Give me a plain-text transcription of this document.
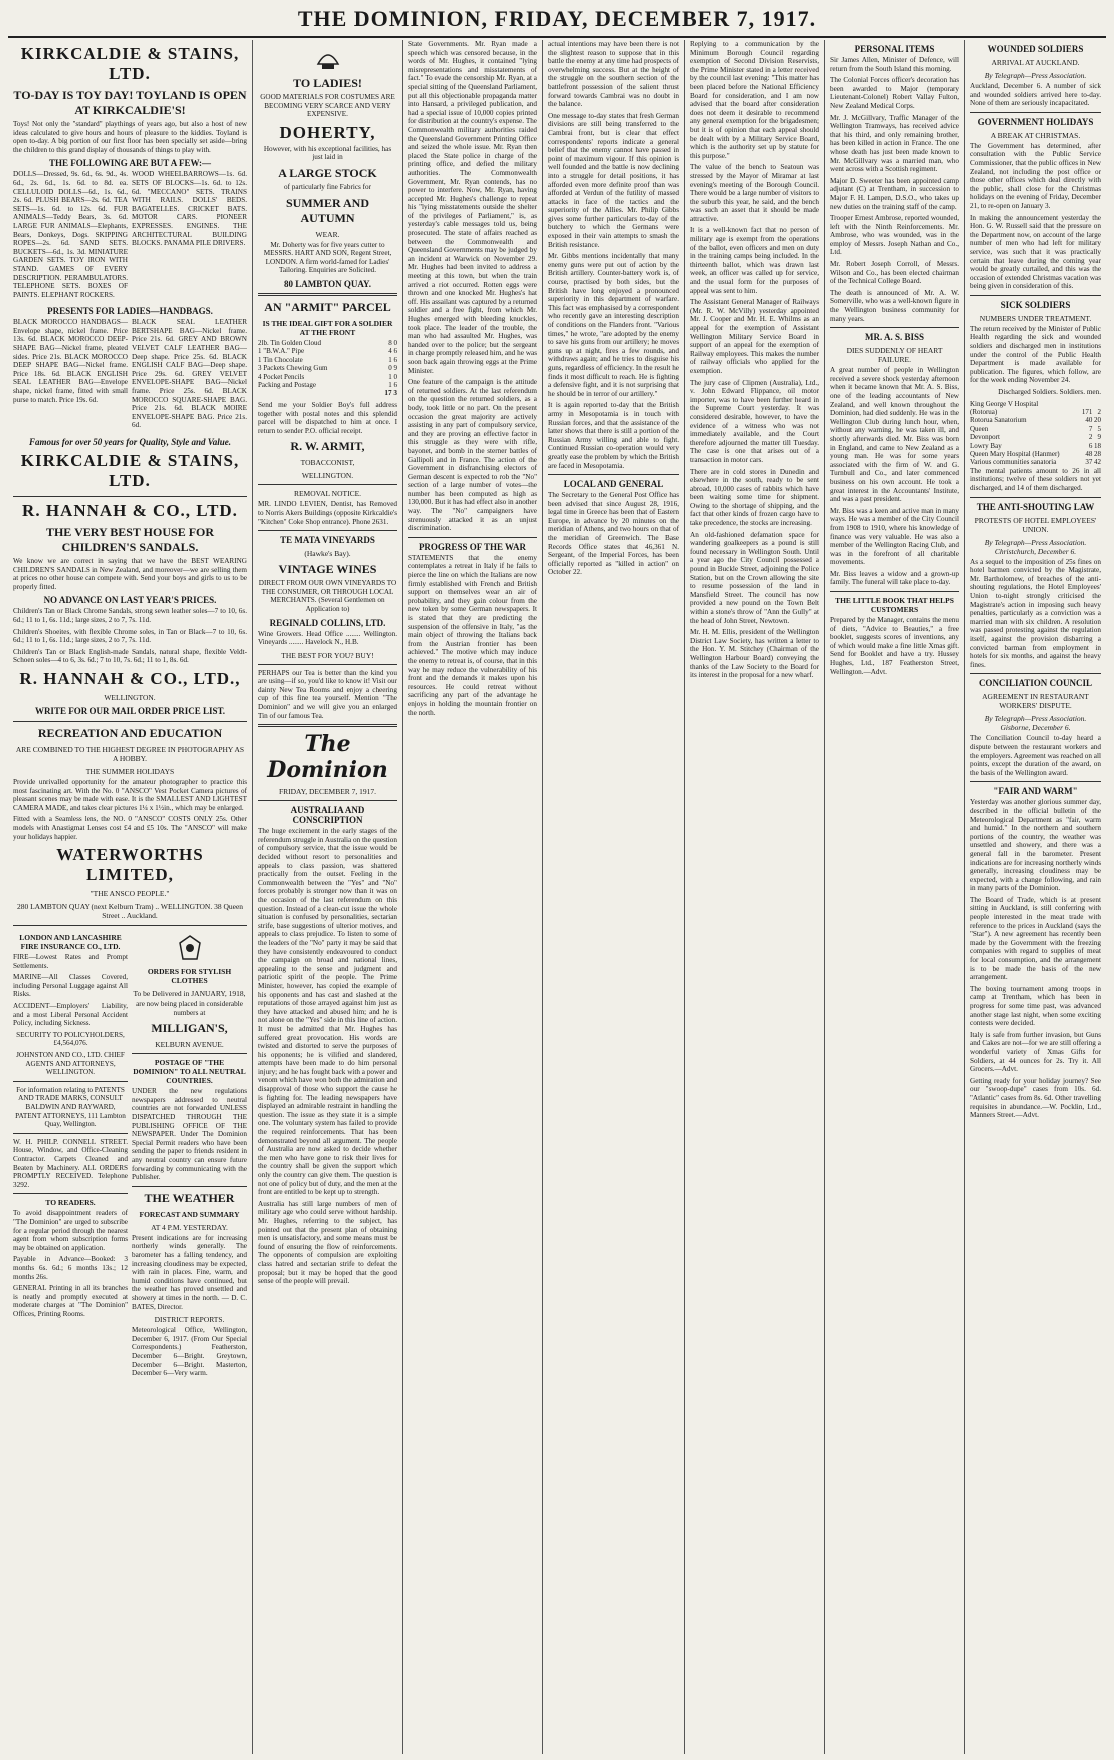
THE DOMINION, FRIDAY, DECEMBER 7, 1917.
KIRKCALDIE & STAINS, LTD.
TO-DAY IS TOY DAY! TOYLAND IS OPEN AT KIRKCALDIE'S!

Toys! Not only the "standard" playthings of years ago, but also a host of new ideas calculated to give hours and hours of pleasure to the kiddies. Toyland is open to-day. A big portion of our first floor has been specially set aside—bring the children to this grand display of thousands of things to play with.

THE FOLLOWING ARE BUT A FEW:—

DOLLS—Dressed, 9s. 6d., 6s. 9d., 4s. 6d., 2s. 6d., 1s. 6d. to 8d. ea. CELLULOID DOLLS—6d., 1s. 6d., 2s. 6d. PLUSH BEARS—2s. 6d. TEA SETS—1s. 6d. to 12s. 6d. FUR ANIMALS—Teddy Bears, 3s. 6d. LARGE FUR ANIMALS—Elephants, Bears, Donkeys, Dogs. SKIPPING ROPES—2s. 6d. SAND SETS. BUCKETS—6d., 1s. 3d. MINIATURE GARDEN SETS. TOY IRON WITH STAND. GAMES OF EVERY DESCRIPTION. PERAMBULATORS. TELEPHONE SETS. BOXES OF PAINTS. ELEPHANT ROCKERS.

WOOD WHEELBARROWS—1s. 6d. SETS OF BLOCKS—1s. 6d. to 12s. 6d. "MECCANO" SETS. TRAINS WITH RAILS. DOLLS' BEDS. BAGATELLES. CRICKET BATS. MOTOR CARS. PIONEER EXPRESSES. ENGINES. THE ARCHITECTURAL BUILDING BLOCKS. PANAMA PILE DRIVERS.

PRESENTS FOR LADIES—HANDBAGS.

BLACK MOROCCO HANDBAGS—Envelope shape, nickel frame. Price 13s. 6d. BLACK MOROCCO DEEP-SHAPE BAG—Nickel frame, pleated sides. Price 21s. BLACK MOROCCO DEEP SHAPE BAG—Nickel frame. Price 18s. 6d. BLACK ENGLISH SEAL LEATHER BAG—Envelope shape, nickel frame, fitted with small purse to match. Price 19s. 6d.

BLACK SEAL LEATHER BERTSHAPE BAG—Nickel frame. Price 21s. 6d. GREY AND BROWN VELVET CALF LEATHER BAG—Deep shape. Price 25s. 6d. BLACK ENGLISH CALF BAG—Deep shape. Price 29s. 6d. GREY VELVET ENVELOPE-SHAPE BAG—Nickel frame. Price 25s. 6d. BLACK MOROCCO SQUARE-SHAPE BAG. Price 21s. 6d. BLACK MOIRE ENVELOPE-SHAPE BAG. Price 21s. 6d.

Famous for over 50 years for Quality, Style and Value.
KIRKCALDIE & STAINS, LTD.
R. HANNAH & CO., LTD.
THE VERY BEST HOUSE FOR CHILDREN'S SANDALS.

We know we are correct in saying that we have the BEST WEARING CHILDREN'S SANDALS in New Zealand, and moreover—we are selling them at prices no other house can compete with. Send your boys and girls to us to be properly fitted.

NO ADVANCE ON LAST YEAR'S PRICES.

Children's Tan or Black Chrome Sandals, strong sewn leather soles—7 to 10, 6s. 6d.; 11 to 1, 6s. 11d.; large sizes, 2 to 7, 7s. 11d.

Children's Shoeites, with flexible Chrome soles, in Tan or Black—7 to 10, 6s. 6d.; 11 to 1, 6s. 11d.; large sizes, 2 to 7, 7s. 11d.

Children's Tan or Black English-made Sandals, natural shape, flexible Veldt-Schoen soles—4 to 6, 3s. 6d.; 7 to 10, 7s. 6d.; 11 to 1, 8s. 6d.

R. HANNAH & CO., LTD.,
WELLINGTON.
WRITE FOR OUR MAIL ORDER PRICE LIST.
RECREATION AND EDUCATION
ARE COMBINED TO THE HIGHEST DEGREE IN PHOTOGRAPHY AS A HOBBY.
THE SUMMER HOLIDAYS

Provide unrivalled opportunity for the amateur photographer to practice this most fascinating art. With the No. 0 "ANSCO" Vest Pocket Camera pictures of pleasant scenes may be made with ease. It is the SMALLEST AND LIGHTEST CAMERA MADE, and takes clear pictures 1¼ x 1½in., which may be enlarged.

Fitted with a Seamless lens, the NO. 0 "ANSCO" COSTS ONLY 25s. Other models with Anastigmat Lenses cost £4 and £5 10s. The "ANSCO" will make your holidays happier.

WATERWORTHS LIMITED,
"THE ANSCO PEOPLE."
280 LAMBTON QUAY (next Kelburn Tram) .. WELLINGTON. 38 Queen Street .. Auckland.
LONDON AND LANCASHIRE FIRE INSURANCE CO., LTD.

FIRE—Lowest Rates and Prompt Settlements.

MARINE—All Classes Covered, including Personal Luggage against All Risks.

ACCIDENT—Employers' Liability, and a most Liberal Personal Accident Policy, including Sickness.

SECURITY TO POLICYHOLDERS, £4,564,076.

JOHNSTON AND CO., LTD. CHIEF AGENTS AND ATTORNEYS, WELLINGTON.

For information relating to PATENTS AND TRADE MARKS, CONSULT BALDWIN AND RAYWARD, PATENT ATTORNEYS, 111 Lambton Quay, Wellington.

W. H. PHILP. CONNELL STREET. House, Window, and Office-Cleaning Contractor. Carpets Cleaned and Beaten by Machinery. ALL ORDERS PROMPTLY RECEIVED. Telephone 3292.

TO READERS.

To avoid disappointment readers of "The Dominion" are urged to subscribe for a regular period through the nearest agent from whom subscription forms may be obtained on application.

Payable in Advance—Booked: 3 months 6s. 6d.; 6 months 13s.; 12 months 26s.

GENERAL Printing in all its branches is neatly and promptly executed at moderate charges at "The Dominion" Offices, Printing Rooms.

ORDERS FOR STYLISH CLOTHES
To be Delivered in JANUARY, 1918,

are now being placed in considerable numbers at

MILLIGAN'S,
KELBURN AVENUE.
POSTAGE OF "THE DOMINION" TO ALL NEUTRAL COUNTRIES.

UNDER the new regulations newspapers addressed to neutral countries are not forwarded UNLESS DISPATCHED THROUGH THE PUBLISHING OFFICE OF THE NEWSPAPER. Under The Dominion Special Permit readers who have been sending the paper to friends resident in any neutral country can ensure future forwarding by communicating with the Publisher.

THE WEATHER
FORECAST AND SUMMARY
AT 4 P.M. YESTERDAY.

Present indications are for increasing northerly winds generally. The barometer has a falling tendency, and increasing cloudiness may be expected, with rain in places. Fine, warm, and humid conditions have continued, but the weather has proved unsettled and showery at times in the north. — D. C. BATES, Director.

DISTRICT REPORTS.

Meteorological Office, Wellington, December 6, 1917. (From Our Special Correspondents.) Featherston, December 6—Bright. Greytown, December 6—Bright. Masterton, December 6—Very warm.

TO LADIES!

GOOD MATERIALS FOR COSTUMES ARE BECOMING VERY SCARCE AND VERY EXPENSIVE.

DOHERTY,

However, with his exceptional facilities, has just laid in

A LARGE STOCK

of particularly fine Fabrics for

SUMMER AND AUTUMN
WEAR.

Mr. Doherty was for five years cutter to MESSRS. HART AND SON, Regent Street, LONDON. A firm world-famed for Ladies' Tailoring. Enquiries are Solicited.

80 LAMBTON QUAY.
AN "ARMIT" PARCEL
IS THE IDEAL GIFT FOR A SOLDIER AT THE FRONT
2lb. Tin Golden Cloud	8 0
1 "B.W.A." Pipe	4 6
1 Tin Chocolate	1 6
3 Packets Chewing Gum	0 9
4 Pocket Pencils	1 0
Packing and Postage	1 6

17 3

Send me your Soldier Boy's full address together with postal notes and this splendid parcel will be dispatched to him at once. I return to sender P.O. official receipt.

R. W. ARMIT,
TOBACCONIST,
WELLINGTON.
REMOVAL NOTICE.

MR. LINDO LEVIEN, Dentist, has Removed to Norris Akers Buildings (opposite Kirkcaldie's "Kitchen" Coke Shop entrance). Phone 2631.

TE MATA VINEYARDS
(Hawke's Bay).
VINTAGE WINES

DIRECT FROM OUR OWN VINEYARDS TO THE CONSUMER, OR THROUGH LOCAL MERCHANTS. (Several Gentlemen on Application to)

REGINALD COLLINS, LTD.

Wine Growers. Head Office ........ Wellington. Vineyards ........ Havelock N., H.B.

THE BEST FOR YOU? BUY!

PERHAPS our Tea is better than the kind you are using—if so, you'd like to know it! Visit our dainty New Tea Rooms and enjoy a cheering cup of this fine tea yourself. Mention "The Dominion" and we will give you an enlarged Tin of our famous Tea.

The Dominion
FRIDAY, DECEMBER 7, 1917.
AUSTRALIA AND CONSCRIPTION

The huge excitement in the early stages of the referendum struggle in Australia on the question of compulsory service, that the issue would be decided without resort to personalities and appeals to class passion, was shattered practically from the outset. Feeling in the Commonwealth between the "Yes" and "No" forces probably is stronger now than it was on the occasion of the last referendum on this question. Instead of a clean-cut issue the whole situation is confused by personalities, sectarian strife, base suggestions of ulterior motives, and appeals to class prejudice. To listen to some of the leaders of the "No" party it may be said that they have consistently endeavoured to conduct the campaign on broad and national lines, appealing to the sense and judgment and patriotic spirit of the people. The Prime Minister, however, has copied the example of his opponents and has cast and slashed at the reputations of those arrayed against him just as they have attacked and abused him; and he is not alone on the "Yes" side in this line of action. It must be admitted that Mr. Hughes has suffered great provocation. His words are twisted and distorted to serve the purposes of his opponents; he is vilified and slandered, attempts have been made to do him personal injury; and he has fought back with a power and venom which have won both the admiration and disapproval of those who support the cause he is fighting for. The leading newspapers have displayed an admirable restraint in handling the question. The issue as they state it is a simple one. The voluntary system has failed to provide the required reinforcements. That has been demonstrated beyond all argument. The people of Australia are now asked to decide whether the men who have gone to risk their lives for the country shall be given the support which only the country can give them. The question is not one of policy but of duty, and the men at the front are entitled to be kept up to strength.

Australia has still large numbers of men of military age who could serve without hardship. Mr. Hughes, referring to the subject, has pointed out that the present plan of obtaining men is unsatisfactory, and some means must be found of ensuring the flow of reinforcements. The opponents of compulsion are exploiting class hatred and sectarian strife to defeat the proposal; but it may be hoped that the good sense of the people will prevail.

State Governments. Mr. Ryan made a speech which was censored because, in the words of Mr. Hughes, it contained "lying misrepresentations and misstatements of fact." To evade the censorship Mr. Ryan, at a special sitting of the Queensland Parliament, put all this objectionable propaganda matter into Hansard, a privileged publication, and had a special issue of 10,000 copies printed for distribution at the country's expense. The Commonwealth military authorities raided the Queensland Government Printing Office and seized the whole issue. Mr. Ryan then placed the State police in charge of the printing office, and defied the military authorities. The Commonwealth Government, Mr. Ryan contends, has no power to interfere. Now, Mr. Ryan, having accepted Mr. Hughes's challenge to repeat his "lying misstatements outside the shelter of the privileges of Parliament," is, as yesterday's cable messages told us, being prosecuted. The state of affairs reached as between the Commonwealth and Queensland Governments may be judged by an incident at Warwick on November 29. Mr. Hughes had been invited to address a meeting at this town, but when the train arrived a riot occurred. Rotten eggs were thrown and one knocked Mr. Hughes's hat off. His assailant was captured by a returned soldier and a free fight, from which Mr. Hughes emerged with bleeding knuckles, took place. The leader of the trouble, the man who had assaulted Mr. Hughes, was handed over to the police; but the sergeant in charge promptly released him, and he was soon back again throwing eggs at the Prime Minister.

One feature of the campaign is the attitude of returned soldiers. At the last referendum on the question the returned soldiers, as a body, took little or no part. On the present occasion the great majority are actively assisting in any part of compulsory service, and they are proving an effective factor in this struggle as they were with rifle, bayonet, and bomb in the sterner battles of Gallipoli and in France. The action of the Government in disfranchising electors of German descent is expected to rob the "No" section of a large number of votes—the number has been computed as high as 130,000. But it has had effect also in another way. The "No" campaigners have strenuously attacked it as an unjust discrimination.

PROGRESS OF THE WAR

STATEMENTS that the enemy contemplates a retreat in Italy if he fails to pierce the line on which the Italians are now firmly established with French and British support on themselves wear an air of probability, and they gain colour from the new token by some German newspapers. It is stated that they are predicting the suspension of the offensive in Italy, "as the main object of throwing the Italians back from the Austrian frontier has been achieved." The motive which may induce the enemy to retreat is, of course, that in this way he may reduce the vulnerability of his front and the demands it makes upon his resources. He could retreat without sacrificing any part of the advantage he enjoys in holding the mountain frontier on the north.

actual intentions may have been there is not the slightest reason to suppose that in this battle the enemy at any time had prospects of overwhelming success. But at the height of the struggle on the southern section of the battlefront possession of the salient thrust forward towards Cambrai was no doubt in the balance.

One message to-day states that fresh German divisions are still being transferred to the Cambrai front, but is clear that effect correspondents' reports indicate a general belief that the enemy cannot have passed in point of maximum vigour. If this opinion is well founded and the battle is now declining into a struggle for detail positions, it has afforded even more definite proof than was afforded at Verdun of the futility of massed attacks in face of the tactics and the superiority of the Allies. Mr. Philip Gibbs gives some further particulars to-day of the butchery to which the Germans were exposed in their vain attempts to smash the British resistance.

Mr. Gibbs mentions incidentally that many enemy guns were put out of action by the British artillery. Counter-battery work is, of course, practised by both sides, but the British have long enjoyed a pronounced superiority in this department of warfare. This fact was emphasised by a correspondent who recently gave an interesting description of conditions on the Flanders front. "Various times," he wrote, "are adopted by the enemy to save his guns from our artillery; he moves guns up at night, fires a few rounds, and withdraws again; and he tries to disguise his guns, regardless of efficiency. In the result he finds it most difficult to reach. He is fighting a defensive fight, and it is not surprising that he should be in terror of our artillery."

It is again reported to-day that the British army in Mesopotamia is in touch with Russian forces, and that the assistance of the latter shows that there is still a portion of the Russian Army willing and able to fight. Continued Russian co-operation would very greatly ease the problem by which the British are faced in Mesopotamia.

LOCAL AND GENERAL

The Secretary to the General Post Office has been advised that since August 28, 1916, legal time in Greece has been that of Eastern Europe, in advance by 20 minutes on the meridian of Athens, and two hours on that of the meridian of Greenwich. The Base Records Office states that 46,361 N. Sergeant, of the Imperial Forces, has been officially reported as "killed in action" on October 22.

Replying to a communication by the Minimum Borough Council regarding exemption of Second Division Reservists, the Prime Minister stated in a letter received by the council last evening: "This matter has been placed before the National Efficiency Board for consideration, and I am now advised that the board after consideration does not deem it desirable to recommend any general exemption for the brigadesmen; but it is of opinion that each appeal should be dealt with by a Military Service Board, which is the authority set up by statute for this purpose."

The value of the bench to Seatoun was stressed by the Mayor of Miramar at last evening's meeting of the Borough Council. There would be a large number of visitors to the suburb this year, he said, and the bench was such an asset that it should be made attractive.

It is a well-known fact that no person of military age is exempt from the operations of the ballot, even officers and men on duty in the training camps being included. In the thirteenth ballot, which was drawn last week, an officer was called up for service, and the usual form for the purposes of appeal was sent to him.

The Assistant General Manager of Railways (Mr. R. W. McVilly) yesterday appointed Mr. J. Cooper and Mr. H. E. Whilms as an appeal for the exemption of Assistant Wellington Military Service Board in support of an appeal for the exemption of Railway employees. This makes the number of railway officials who applied for the exemption.

The jury case of Clipmen (Australia), Ltd., v. John Edward Flippance, oil motor importer, was to have been further heard in the Supreme Court yesterday. It was considered desirable, however, to have the evidence of a witness who was not immediately available, and the Court therefore adjourned the matter till Tuesday. The case is one that arises out of a transaction in motor cars.

There are in cold stores in Dunedin and elsewhere in the south, ready to be sent abroad, 10,000 cases of rabbits which have been waiting some time for shipment. Owing to the shortage of shipping, and the fact that other kinds of frozen cargo have to take precedence, the stocks are increasing.

An old-fashioned defamation space for wandering goalkeepers as a pound is still found necessary in Wellington South. Until a year ago the City Council possessed a pound in Buckle Street, adjoining the Police Station, but on the Crown allowing the site to resume possession of the land in Mansfield Street. The council has now provided a new pound on the Town Belt within a stone's throw of "Ann the Gully" at the head of John Street, Newtown.

Mr. H. M. Ellis, president of the Wellington District Law Society, has written a letter to the Hon. Y. M. Stitchey (Chairman of the Wellington Harbour Board) conveying the thanks of the Law Society to the Board for its interest in the proposal for a new wharf.

PERSONAL ITEMS

Sir James Allen, Minister of Defence, will return from the South Island this morning.

The Colonial Forces officer's decoration has been awarded to Major (temporary Lieutenant-Colonel) Robert Vallay Fulton, New Zealand Medical Corps.

Mr. J. McGillvary, Traffic Manager of the Wellington Tramways, has received advice that his third, and only remaining brother, has been killed in action in France. The one whose death has just been made known to Mr. McGillvary was a married man, who went across with a Scottish regiment.

Major D. Sweeter has been appointed camp adjutant (C) at Trentham, in succession to Major F. H. Lampen, D.S.O., who takes up new duties on the training staff of the camp.

Trooper Ernest Ambrose, reported wounded, left with the Ninth Reinforcements. Mr. Ambrose, who was wounded, was in the employ of Messrs. Joseph Nathan and Co., Ltd.

Mr. Robert Joseph Corroll, of Messrs. Wilson and Co., has been elected chairman of the Technical College Board.

The death is announced of Mr. A. W. Somerville, who was a well-known figure in the Wellington business community for many years.

MR. A. S. BISS
DIES SUDDENLY OF HEART FAILURE.

A great number of people in Wellington received a severe shock yesterday afternoon when it became known that Mr. A. S. Biss, one of the leading accountants of New Zealand, and well known throughout the Dominion, had died suddenly. He was in the Wellington Club during lunch hour, when, without any warning, he was taken ill, and shortly afterwards died. Mr. Biss was born in England, and came to New Zealand as a young man. He was for some years associated with the firm of W. and G. Turnbull and Co., and later commenced business on his own account. He took a great interest in the Accountants' Institute, and was a past president.

Mr. Biss was a keen and active man in many ways. He was a member of the City Council from 1908 to 1910, where his knowledge of finance was very valuable. He was also a member of the Wellington Racing Club, and was in the forefront of all charitable movements.

Mr. Biss leaves a widow and a grown-up family. The funeral will take place to-day.

THE LITTLE BOOK THAT HELPS CUSTOMERS

Prepared by the Manager, contains the menu of diets, "Advice to Beauties," a free booklet, suggests scores of inventions, any of which would make a fine little Xmas gift. Send for Booklet and have a try. Hussey Hughes, Ltd., 187 Featherston Street, Wellington.—Advt.

WOUNDED SOLDIERS
ARRIVAL AT AUCKLAND.
By Telegraph—Press Association.

Auckland, December 6. A number of sick and wounded soldiers arrived here to-day. None of them are seriously incapacitated.

GOVERNMENT HOLIDAYS
A BREAK AT CHRISTMAS.

The Government has determined, after consultation with the Public Service Commissioner, that the public offices in New Zealand, not including the post office or those other offices which deal directly with the public, shall close for the Christmas holidays on the evening of Friday, December 21, to re-open on January 3.

In making the announcement yesterday the Hon. G. W. Russell said that the pressure on the Department now, on account of the large number of men who had left for military service, was such that it was practically certain that leave during the coming year would be greatly curtailed, and this was the occasion of extended Christmas vacation was being given in consideration of this.

SICK SOLDIERS
NUMBERS UNDER TREATMENT.

The return received by the Minister of Public Health regarding the sick and wounded soldiers and discharged men in institutions under the control of the Public Health Department is made available for publication. The figures, which follow, are for the week ending November 24.

Discharged Soldiers. Soldiers. men.

King George V Hospital		
(Rotorua)	171	2
Rotorua Sanatorium	40	20
Queen	7	5
Devonport	2	9
Lowry Bay	6	18
Queen Mary Hospital (Hanmer)	48	28
Various communities sanatoria	37	42

The mental patients amount to 26 in all institutions; twelve of these soldiers not yet discharged, and 14 of them discharged.

THE ANTI-SHOUTING LAW
PROTESTS OF HOTEL EMPLOYEES' UNION.
By Telegraph—Press Association. Christchurch, December 6.

As a sequel to the imposition of 25s fines on hotel barmen convicted by the Magistrate, Mr. Bartholomew, of breaches of the anti-shouting regulations, the Hotel Employees' Union to-night strongly criticised the Magistrate's action in imposing such heavy penalties, particularly as a conviction was a married man with six children. A resolution was passed protesting against the regulation itself, against the provision disbarring a convicted barman from employment in hotels for six months, and against the heavy fines.

CONCILIATION COUNCIL
AGREEMENT IN RESTAURANT WORKERS' DISPUTE.
By Telegraph—Press Association. Gisborne, December 6.

The Conciliation Council to-day heard a dispute between the restaurant workers and the employers. Agreement was reached on all points, except the duration of the award, on the basis of the Wellington award.

"FAIR AND WARM"

Yesterday was another glorious summer day, described in the official bulletin of the Meteorological Department as "fair, warm and humid." In the northern and southern portions of the country, the weather was unsettled and showery, and there was a general fall in the barometer. Present indications are for increasing northerly winds generally, increasing cloudiness may be expected, with a change following, and rain in many parts of the Dominion.

The Board of Trade, which is at present sitting in Auckland, is still conferring with people interested in the meat trade with reference to the prices in Auckland (says the "Star"). A new agreement has recently been made by the Government with the freezing companies with regard to supplies of meat for local consumption, and the arrangement is to be made the basis of the new arrangement.

The boxing tournament among troops in camp at Trentham, which has been in progress for some time past, was advanced another stage last night, when some exciting contests were decided.

Italy is safe from further invasion, but Guns and Cakes are not—for we are still offering a wonderful variety of Xmas Gifts for Soldiers, at 44 ounces for 2s. Try it. All Grocers.—Advt.

Getting ready for your holiday journey? See our "swoop-dupe" cases from 10s. 6d. "Atlantic" cases from 8s. 6d. Other travelling requisites in abundance.—W. Pocklin, Ltd., Manners Street.—Advt.
